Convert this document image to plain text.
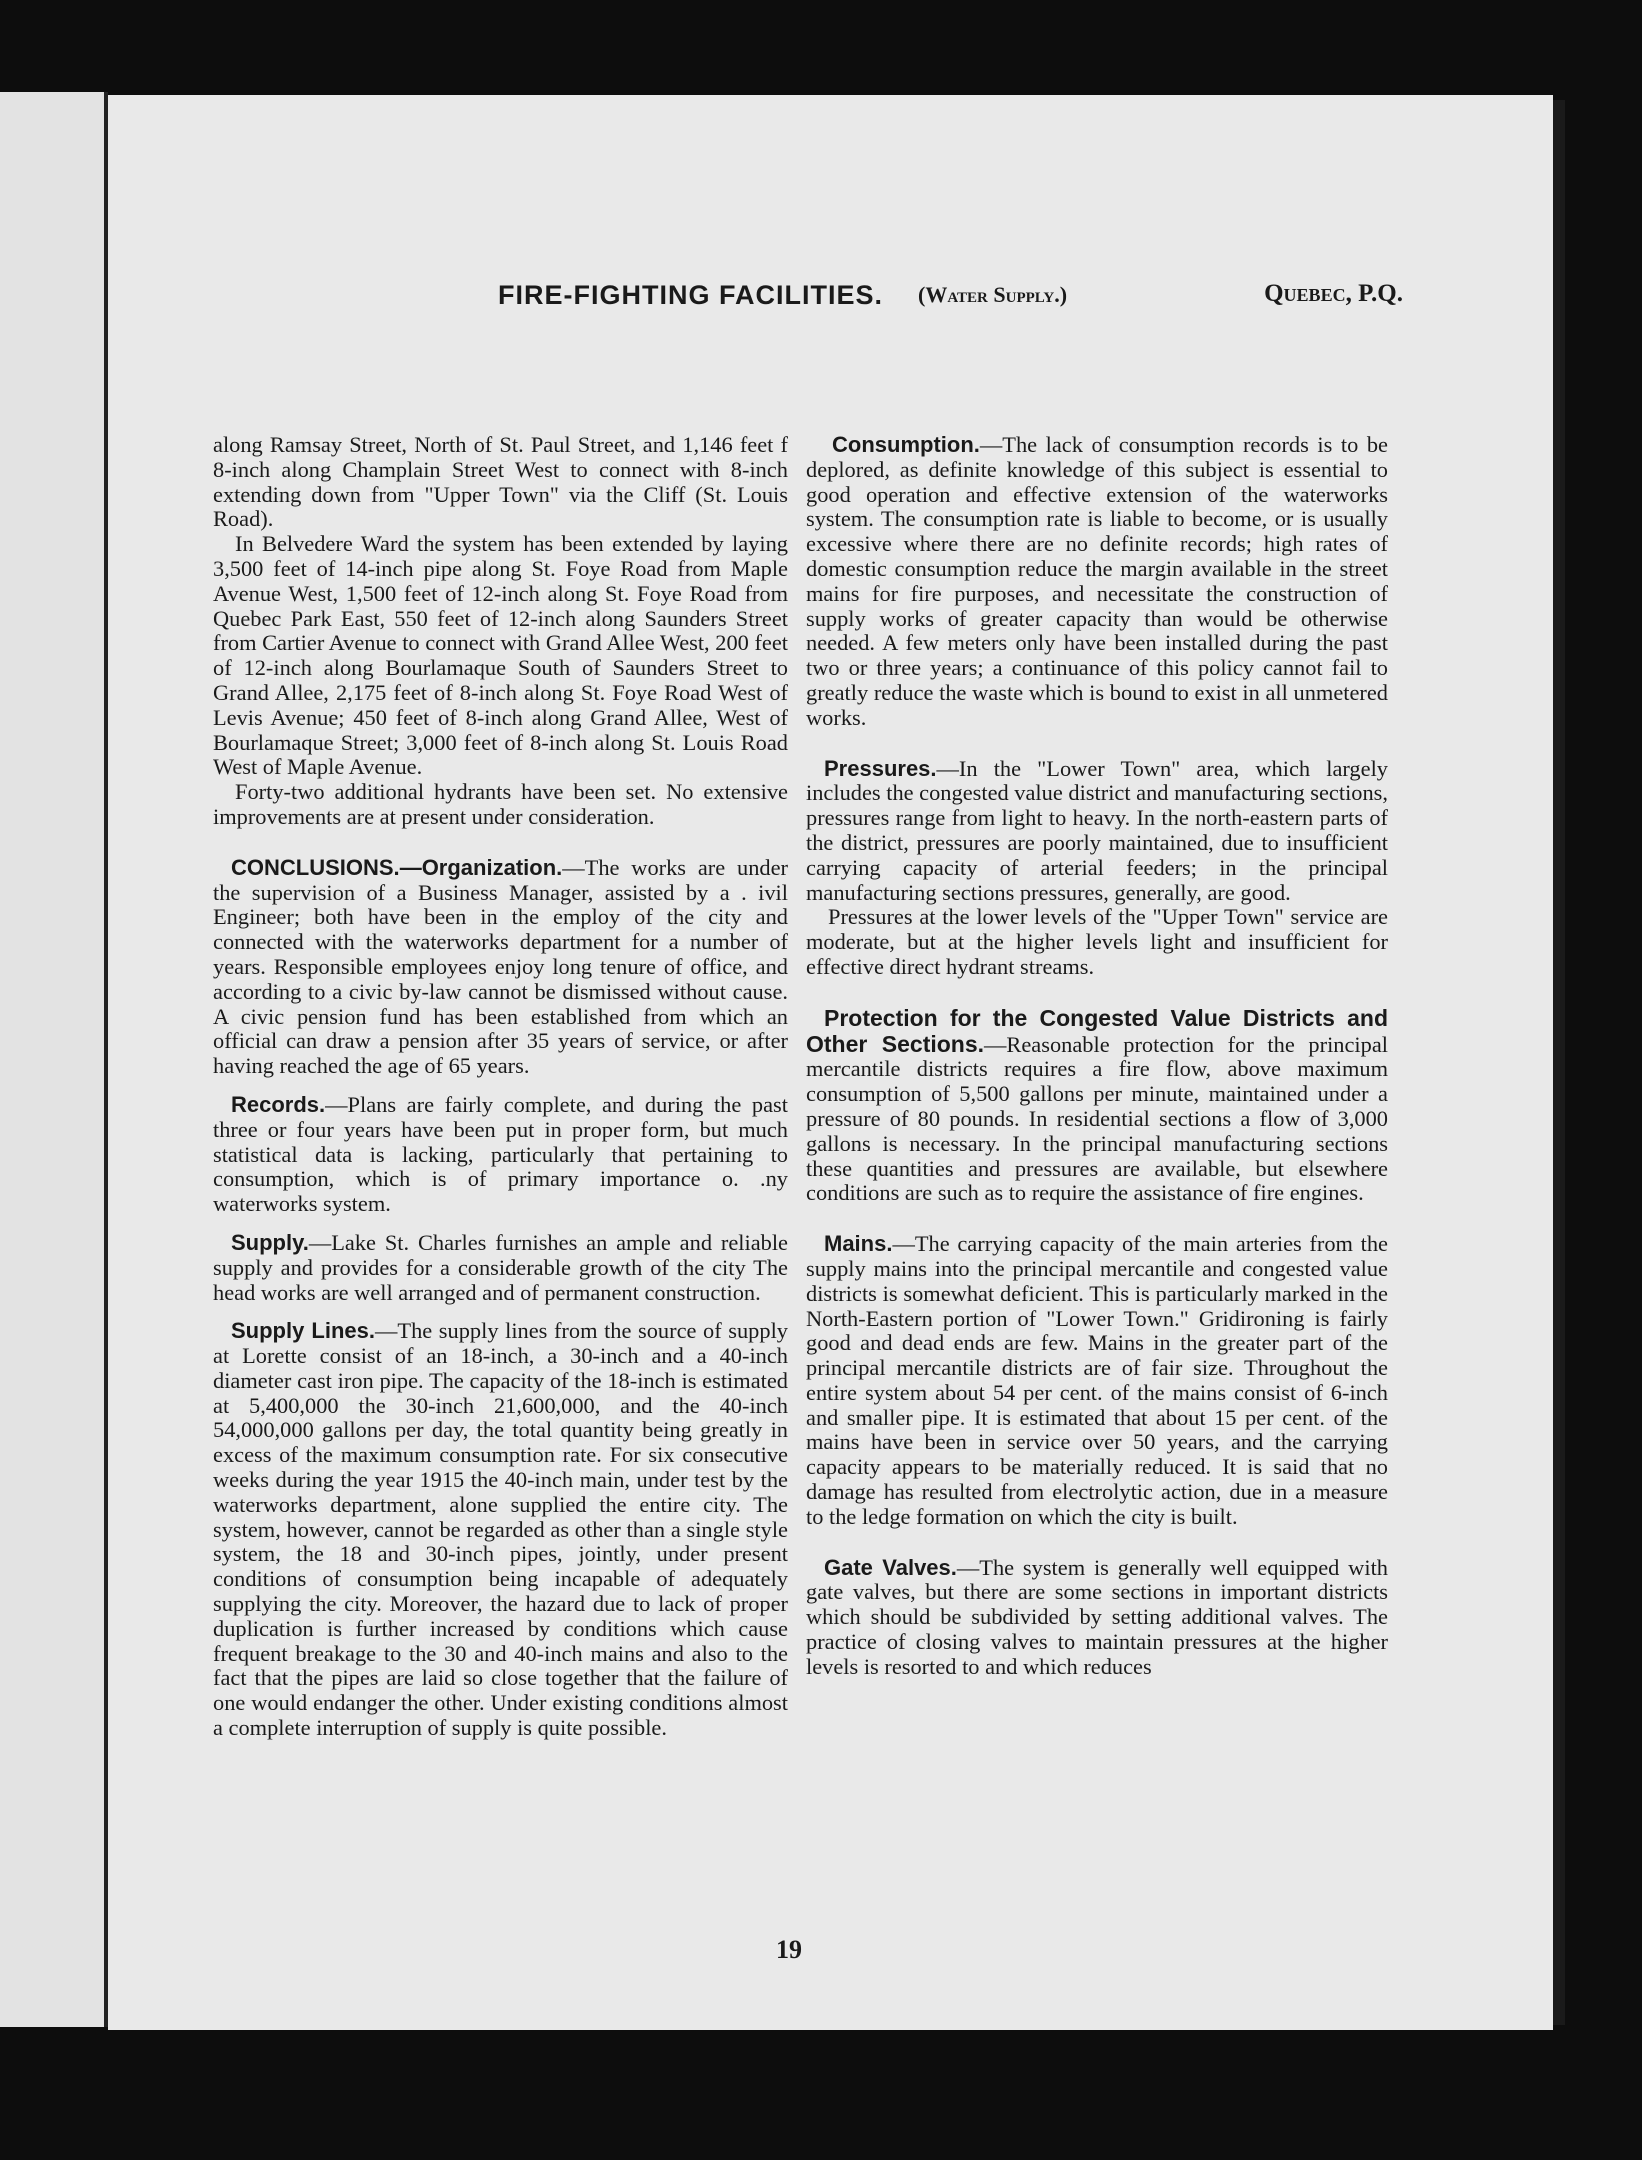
FIRE-FIGHTING FACILITIES. (Water Supply.)	Quebec, P.Q.

along Ramsay Street, North of St. Paul Street, and 1,146 feet f 8-inch along Champlain Street West to connect with 8-inch extending down from "Upper Town" via the Cliff (St. Louis Road).

In Belvedere Ward the system has been extended by laying 3,500 feet of 14-inch pipe along St. Foye Road from Maple Avenue West, 1,500 feet of 12-inch along St. Foye Road from Quebec Park East, 550 feet of 12-inch along Saunders Street from Cartier Avenue to connect with Grand Allee West, 200 feet of 12-inch along Bourlamaque South of Saunders Street to Grand Allee, 2,175 feet of 8-inch along St. Foye Road West of Levis Avenue; 450 feet of 8-inch along Grand Allee, West of Bourlamaque Street; 3,000 feet of 8-inch along St. Louis Road West of Maple Avenue.

Forty-two additional hydrants have been set. No extensive improvements are at present under consideration.

CONCLUSIONS.—Organization.—The works are under the supervision of a Business Manager, assisted by a . ivil Engineer; both have been in the employ of the city and connected with the waterworks department for a number of years. Responsible employees enjoy long tenure of office, and according to a civic by-law cannot be dismissed without cause. A civic pension fund has been established from which an official can draw a pension after 35 years of service, or after having reached the age of 65 years.

Records.—Plans are fairly complete, and during the past three or four years have been put in proper form, but much statistical data is lacking, particularly that pertaining to consumption, which is of primary importance o. .ny waterworks system.

Supply.—Lake St. Charles furnishes an ample and reliable supply and provides for a considerable growth of the city The head works are well arranged and of permanent construction.

Supply Lines.—The supply lines from the source of supply at Lorette consist of an 18-inch, a 30-inch and a 40-inch diameter cast iron pipe. The capacity of the 18-inch is estimated at 5,400,000 the 30-inch 21,600,000, and the 40-inch 54,000,000 gallons per day, the total quantity being greatly in excess of the maximum consumption rate. For six consecutive weeks during the year 1915 the 40-inch main, under test by the waterworks department, alone supplied the entire city. The system, however, cannot be regarded as other than a single style system, the 18 and 30-inch pipes, jointly, under present conditions of consumption being incapable of adequately supplying the city. Moreover, the hazard due to lack of proper duplication is further increased by conditions which cause frequent breakage to the 30 and 40-inch mains and also to the fact that the pipes are laid so close together that the failure of one would endanger the other. Under existing conditions almost a complete interruption of supply is quite possible.

Consumption.—The lack of consumption records is to be deplored, as definite knowledge of this subject is essential to good operation and effective extension of the waterworks system. The consumption rate is liable to become, or is usually excessive where there are no definite records; high rates of domestic consumption reduce the margin available in the street mains for fire purposes, and necessitate the construction of supply works of greater capacity than would be otherwise needed. A few meters only have been installed during the past two or three years; a continuance of this policy cannot fail to greatly reduce the waste which is bound to exist in all unmetered works.

Pressures.—In the "Lower Town" area, which largely includes the congested value district and manufacturing sections, pressures range from light to heavy. In the north-eastern parts of the district, pressures are poorly maintained, due to insufficient carrying capacity of arterial feeders; in the principal manufacturing sections pressures, generally, are good.

Pressures at the lower levels of the "Upper Town" service are moderate, but at the higher levels light and insufficient for effective direct hydrant streams.

Protection for the Congested Value Districts and Other Sections.—Reasonable protection for the principal mercantile districts requires a fire flow, above maximum consumption of 5,500 gallons per minute, maintained under a pressure of 80 pounds. In residential sections a flow of 3,000 gallons is necessary. In the principal manufacturing sections these quantities and pressures are available, but elsewhere conditions are such as to require the assistance of fire engines.

Mains.—The carrying capacity of the main arteries from the supply mains into the principal mercantile and congested value districts is somewhat deficient. This is particularly marked in the North-Eastern portion of "Lower Town." Gridironing is fairly good and dead ends are few. Mains in the greater part of the principal mercantile districts are of fair size. Throughout the entire system about 54 per cent. of the mains consist of 6-inch and smaller pipe. It is estimated that about 15 per cent. of the mains have been in service over 50 years, and the carrying capacity appears to be materially reduced. It is said that no damage has resulted from electrolytic action, due in a measure to the ledge formation on which the city is built.

Gate Valves.—The system is generally well equipped with gate valves, but there are some sections in important districts which should be subdivided by setting additional valves. The practice of closing valves to maintain pressures at the higher levels is resorted to and which reduces

19
